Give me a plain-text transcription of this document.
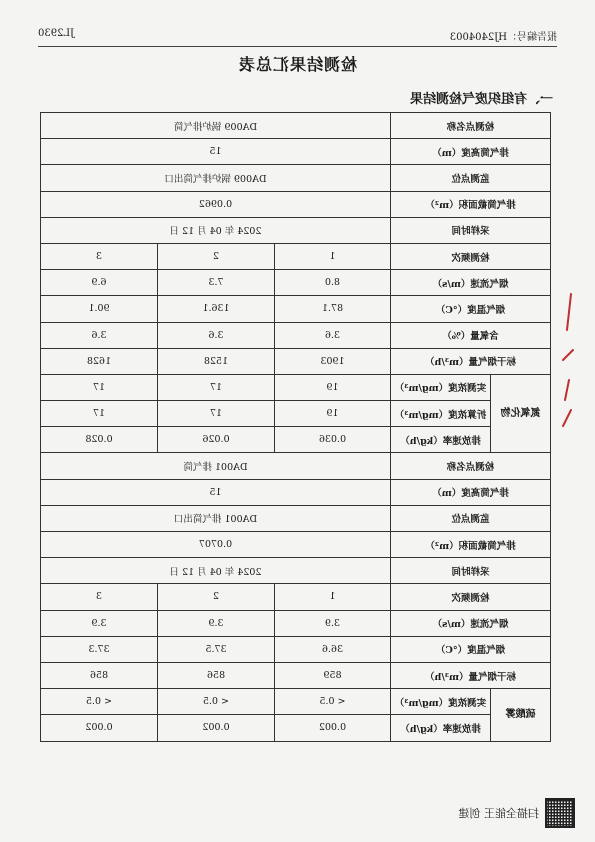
JL2930	报告编号：HJ2404003
检测结果汇总表
一、有组织废气检测结果
检测点名称		DA009 锅炉排气筒		
排气筒高度（m）		15		
监测点位		DA009 锅炉排气筒出口		
排气筒截面积（m²）		0.0962		
采样时间		2024 年 04 月 12 日		
检测频次		1	2	3
烟气流速（m/s）		8.0	7.3	6.9
烟气温度（°C）		87.1	136.1	90.1
含氧量（%）		3.6	3.6	3.6
标干烟气量（m³/h）		1903	1528	1628
氮氧化物	实测浓度（mg/m³）	19	17	17
	折算浓度（mg/m³）	19	17	17
	排放速率（kg/h）	0.036	0.026	0.028
检测点名称		DA001 排气筒		
排气筒高度（m）		15		
监测点位		DA001 排气筒出口		
排气筒截面积（m²）		0.0707		
采样时间		2024 年 04 月 12 日		
检测频次		1	2	3
烟气流速（m/s）		3.9	3.9	3.9
烟气温度（°C）		36.6	37.5	37.3
标干烟气量（m³/h）		859	856	856
硫酸雾	实测浓度（mg/m³）	< 0.5	< 0.5	< 0.5
	排放速率（kg/h）	0.002	0.002	0.002
扫描全能王 创建
